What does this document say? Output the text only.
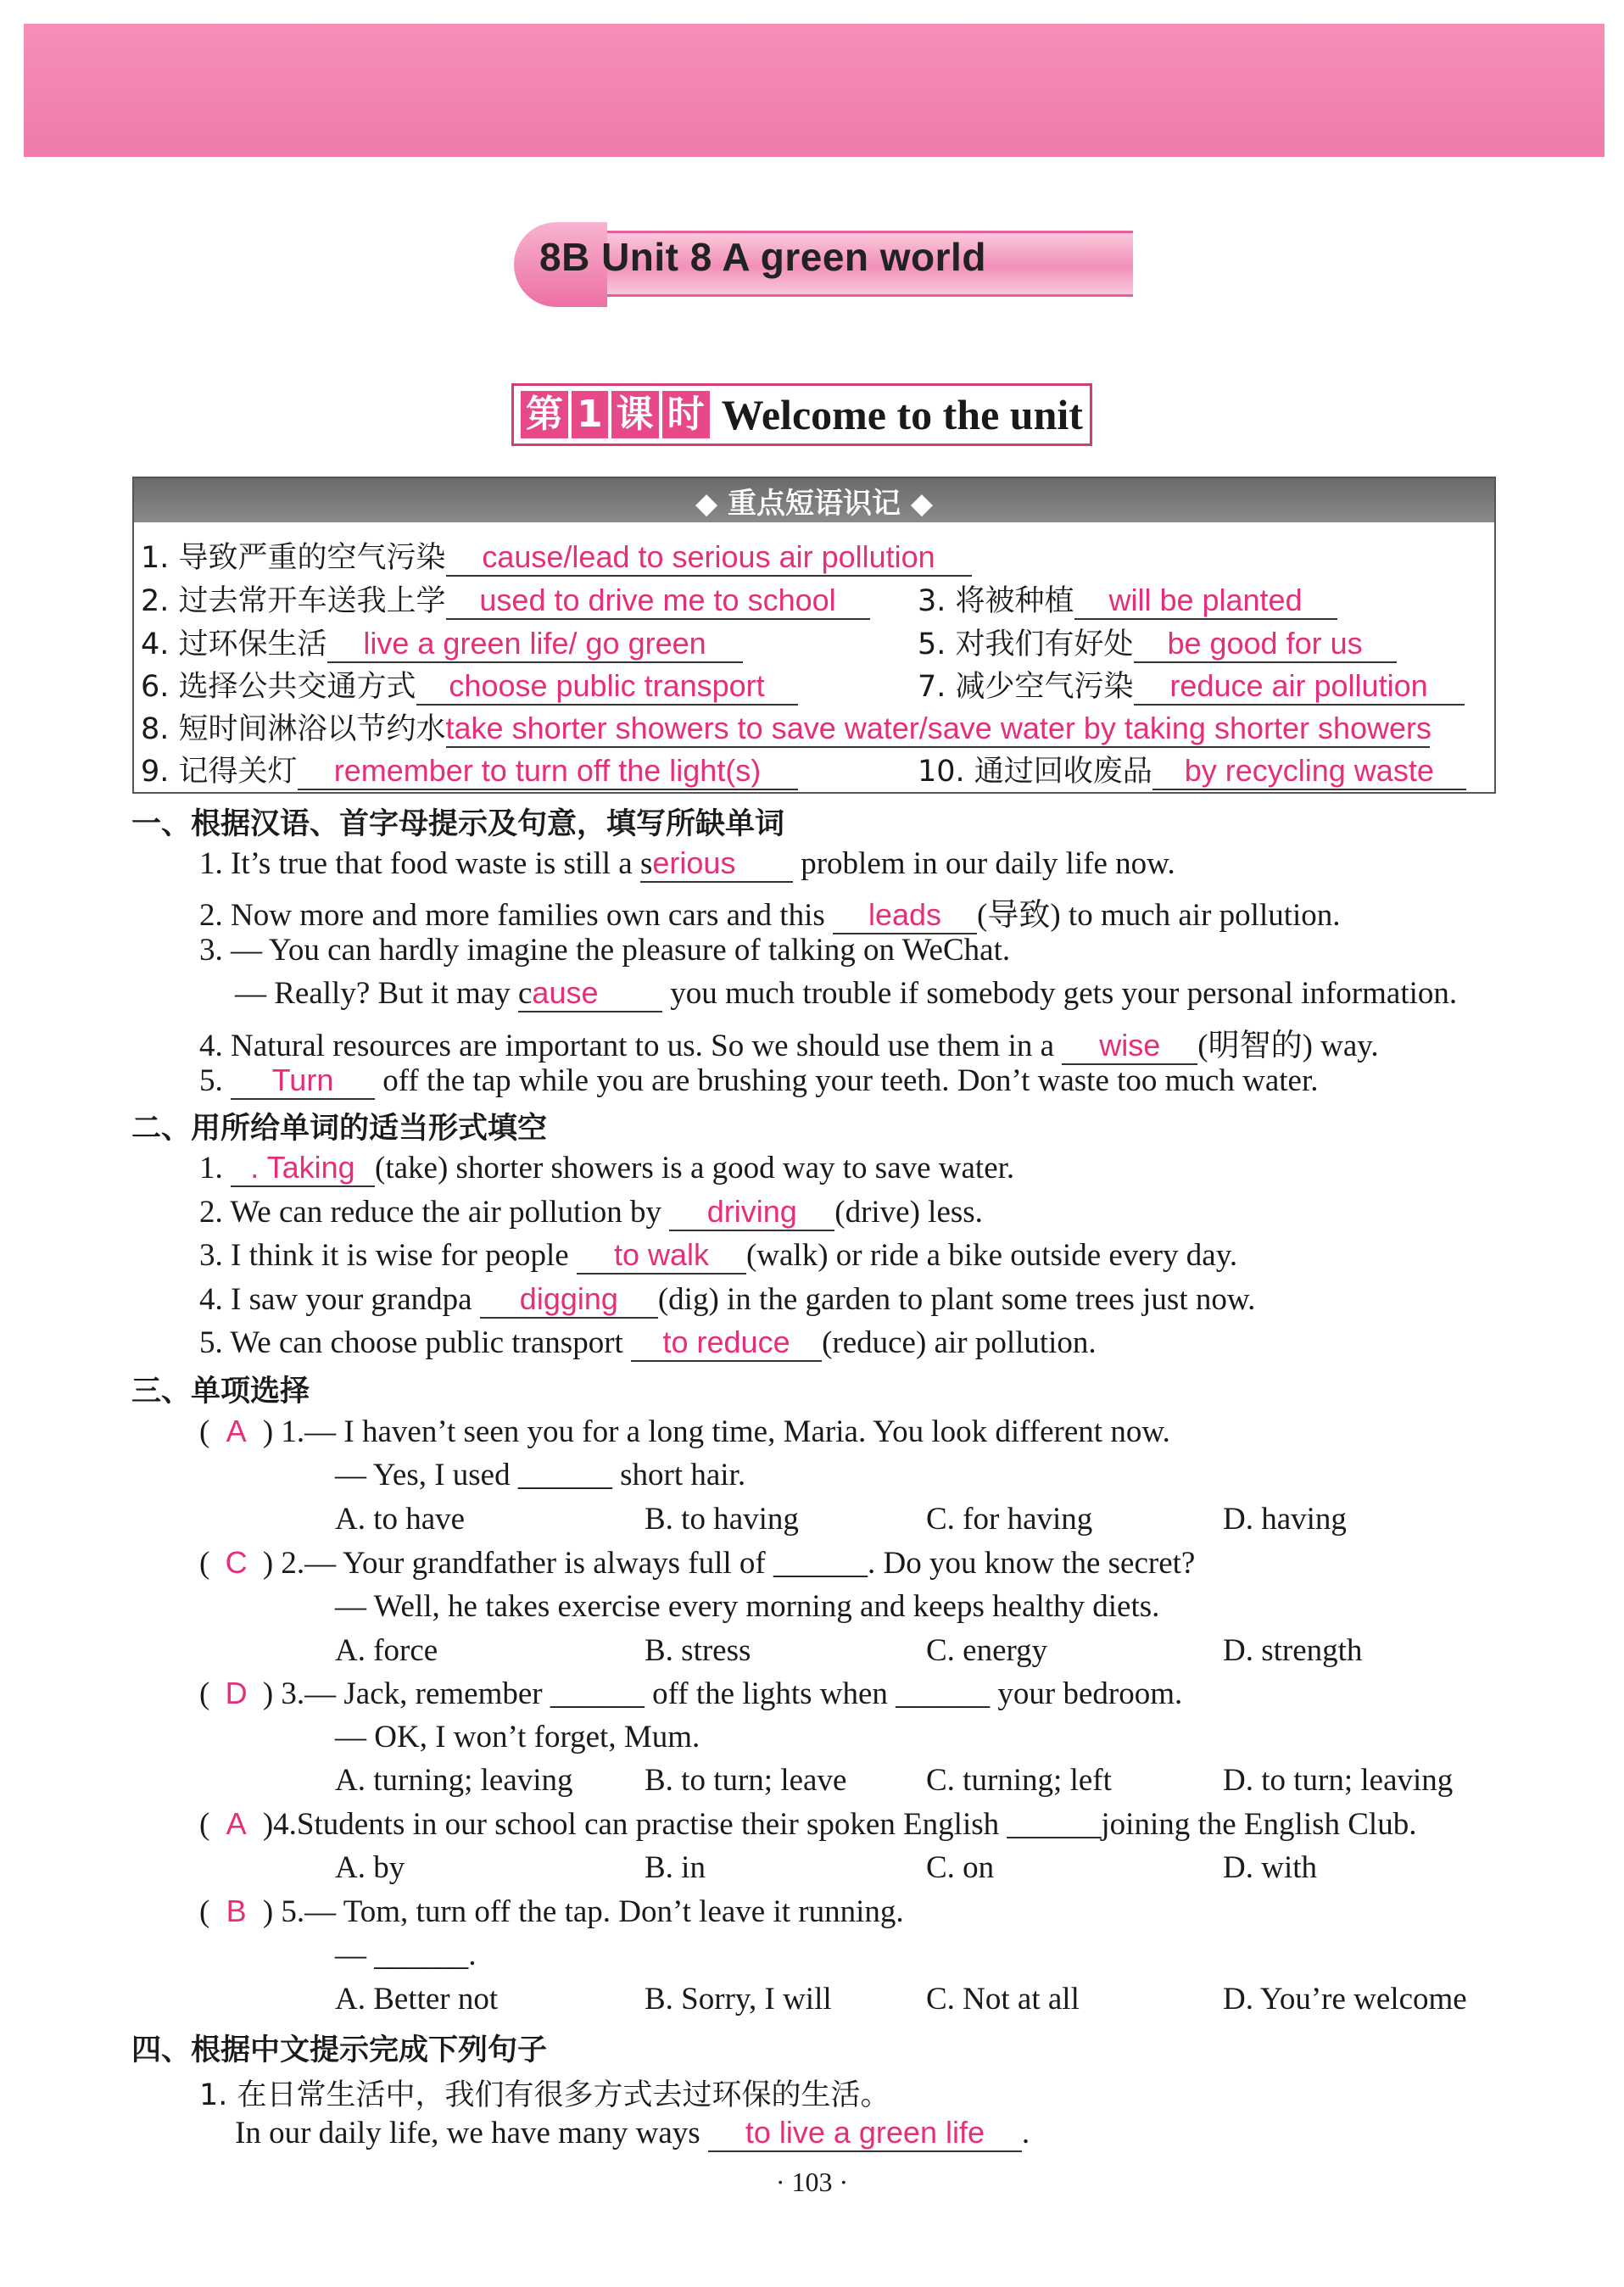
8B Unit 8 A green world
第 1 课 时 Welcome to the unit
◆ 重点短语识记 ◆
1. 导致严重的空气污染 cause/lead to serious air pollution
2. 过去常开车送我上学 used to drive me to school	3. 将被种植 will be planted
4. 过环保生活 live a green life/ go green	5. 对我们有好处 be good for us
6. 选择公共交通方式 choose public transport	7. 减少空气污染 reduce air pollution
8. 短时间淋浴以节约水take shorter showers to save water/save water by taking shorter showers
9. 记得关灯 remember to turn off the light(s)	10. 通过回收废品 by recycling waste
一、根据汉语、首字母提示及句意，填写所缺单词
1. It’s true that food waste is still a serious problem in our daily life now.
2. Now more and more families own cars and this leads (导致) to much air pollution.
3. — You can hardly imagine the pleasure of talking on WeChat.
— Really? But it may cause you much trouble if somebody gets your personal information.
4. Natural resources are important to us. So we should use them in a wise (明智的) way.
5. Turn off the tap while you are brushing your teeth. Don’t waste too much water.
二、用所给单词的适当形式填空
1. . Taking (take) shorter showers is a good way to save water.
2. We can reduce the air pollution by driving (drive) less.
3. I think it is wise for people to walk (walk) or ride a bike outside every day.
4. I saw your grandpa digging (dig) in the garden to plant some trees just now.
5. We can choose public transport to reduce (reduce) air pollution.
三、单项选择
( A ) 1.— I haven’t seen you for a long time, Maria. You look different now.
— Yes, I used ______ short hair.
A. to have	B. to having	C. for having	D. having
( C ) 2.— Your grandfather is always full of ______. Do you know the secret?
— Well, he takes exercise every morning and keeps healthy diets.
A. force	B. stress	C. energy	D. strength
( D ) 3.— Jack, remember ______ off the lights when ______ your bedroom.
— OK, I won’t forget, Mum.
A. turning; leaving B. to turn; leave	C. turning; left	D. to turn; leaving
( A )4.Students in our school can practise their spoken English ______joining the English Club.
A. by	B. in	C. on	D. with
( B ) 5.— Tom, turn off the tap. Don’t leave it running.
— ______.
A. Better not	B. Sorry, I will	C. Not at all	D. You’re welcome
四、根据中文提示完成下列句子
1. 在日常生活中，我们有很多方式去过环保的生活。
In our daily life, we have many ways to live a green life .
· 103 ·
